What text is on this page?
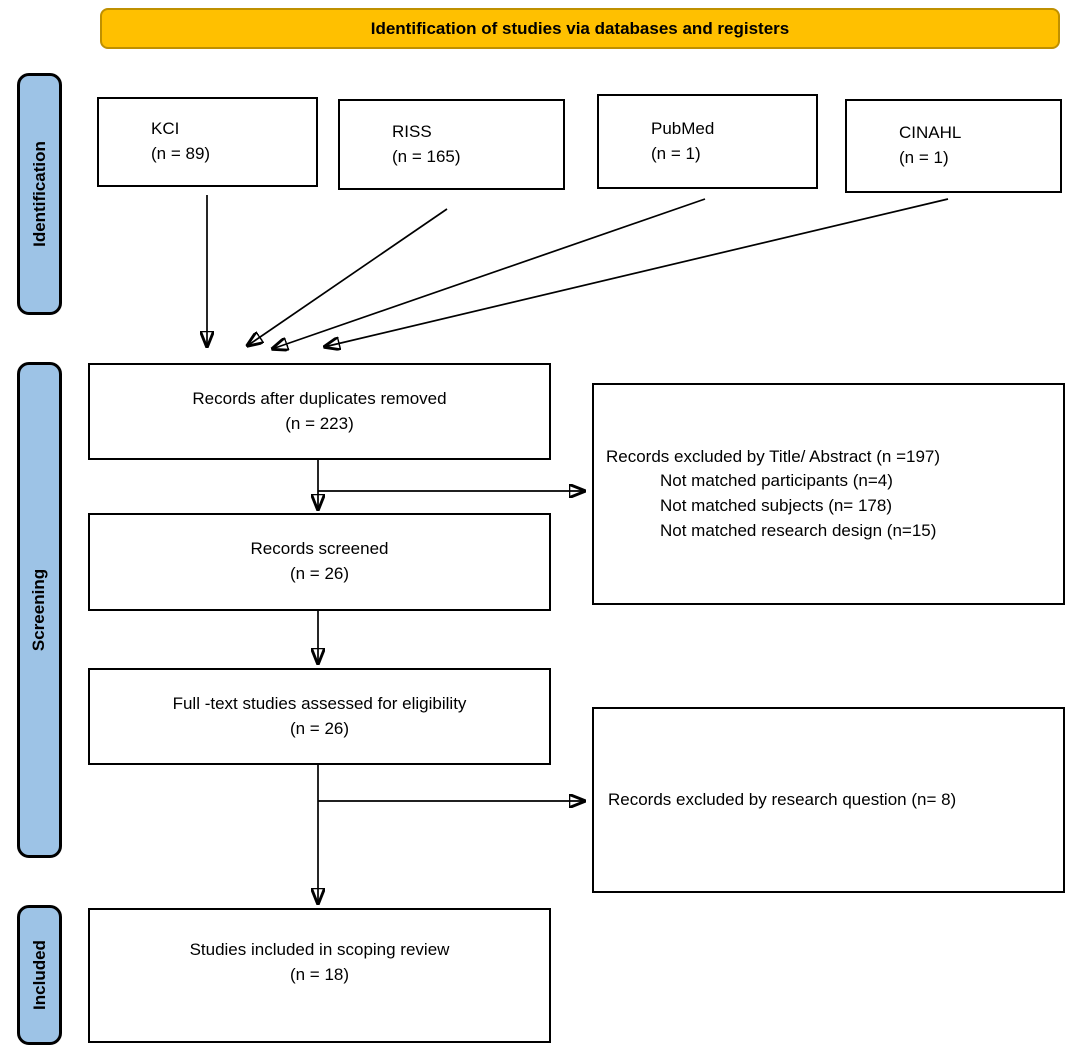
Identification of studies via databases and registers
Identification
Screening
Included
KCI
(n = 89)
RISS
(n = 165)
PubMed
(n = 1)
CINAHL
(n = 1)
Records after duplicates removed
(n = 223)
Records excluded by Title/ Abstract (n =197)
Not matched participants (n=4)
Not matched subjects (n= 178)
Not matched research design (n=15)
Records screened
(n = 26)
Full -text studies assessed for eligibility
(n = 26)
Records excluded by research question (n= 8)
Studies included in scoping review
(n = 18)
